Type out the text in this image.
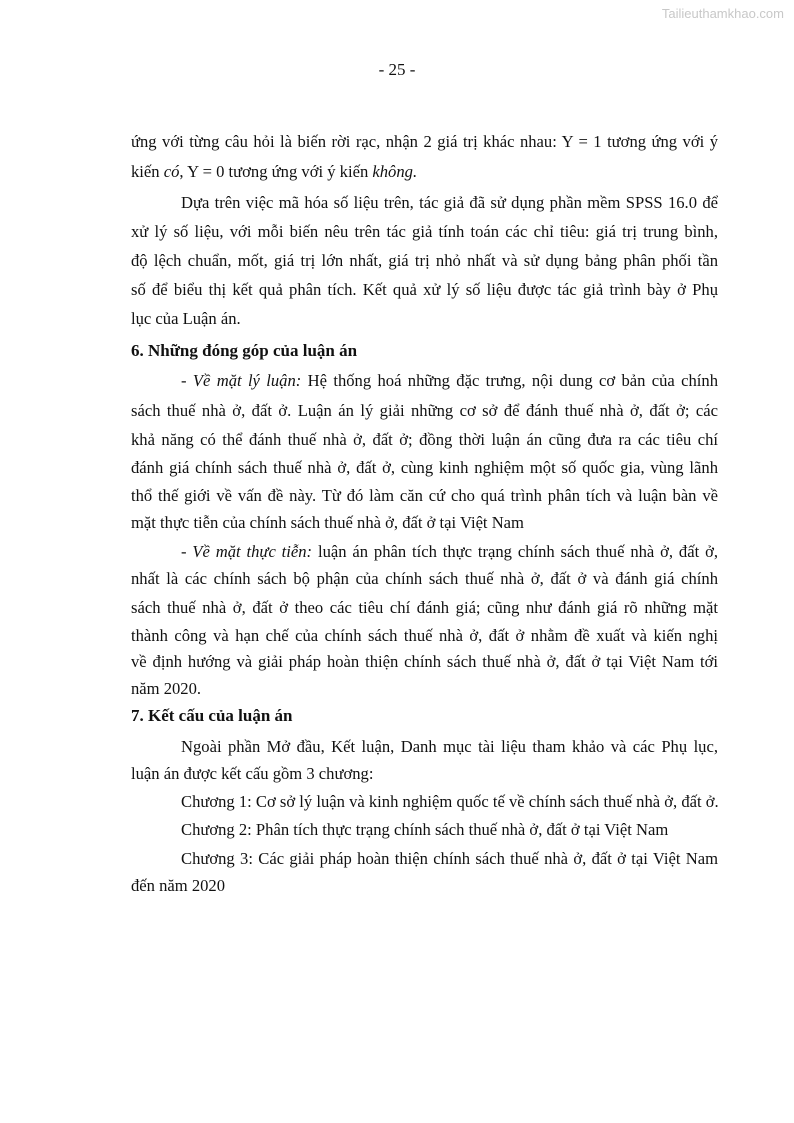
Tailieuthamkhao.com
- 25 -
ứng với từng câu hỏi là biến rời rạc, nhận 2 giá trị khác nhau: Y = 1 tương ứng với ý
kiến có, Y = 0 tương ứng với ý kiến không.
Dựa trên việc mã hóa số liệu trên, tác giả đã sử dụng phần mềm SPSS 16.0 để
xử lý số liệu, với mỗi biến nêu trên tác giả tính toán các chỉ tiêu: giá trị trung bình,
độ lệch chuẩn, mốt, giá trị lớn nhất, giá trị nhỏ nhất và sử dụng bảng phân phối tần
số để biểu thị kết quả phân tích. Kết quả xử lý số liệu được tác giả trình bày ở Phụ
lục của Luận án.
6. Những đóng góp của luận án
- Về mặt lý luận: Hệ thống hoá những đặc trưng, nội dung cơ bản của chính
sách thuế nhà ở, đất ở. Luận án lý giải những cơ sở để đánh thuế nhà ở, đất ở; các
khả năng có thể đánh thuế nhà ở, đất ở; đồng thời luận án cũng đưa ra các tiêu chí
đánh giá chính sách thuế nhà ở, đất ở, cùng kinh nghiệm một số quốc gia, vùng lãnh
thổ thế giới về vấn đề này. Từ đó làm căn cứ cho quá trình phân tích và luận bàn về
mặt thực tiễn của chính sách thuế nhà ở, đất ở tại Việt Nam
- Về mặt thực tiễn: luận án phân tích thực trạng chính sách thuế nhà ở, đất ở,
nhất là các chính sách bộ phận của chính sách thuế nhà ở, đất ở và đánh giá chính
sách thuế nhà ở, đất ở theo các tiêu chí đánh giá; cũng như đánh giá rõ những mặt
thành công và hạn chế của chính sách thuế nhà ở, đất ở nhằm đề xuất và kiến nghị
về định hướng và giải pháp hoàn thiện chính sách thuế nhà ở, đất ở tại Việt Nam tới
năm 2020.
7. Kết cấu của luận án
Ngoài phần Mở đầu, Kết luận, Danh mục tài liệu tham khảo và các Phụ lục,
luận án được kết cấu gồm 3 chương:
Chương 1: Cơ sở lý luận và kinh nghiệm quốc tế về chính sách thuế nhà ở, đất ở.
Chương 2: Phân tích thực trạng chính sách thuế nhà ở, đất ở tại Việt Nam
Chương 3: Các giải pháp hoàn thiện chính sách thuế nhà ở, đất ở tại Việt Nam
đến năm 2020
